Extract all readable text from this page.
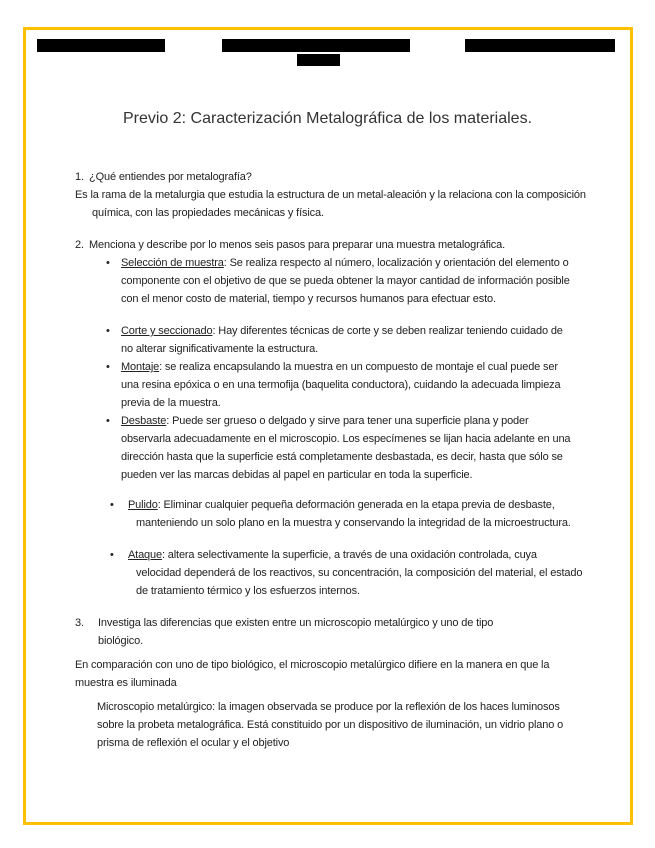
Previo 2: Caracterización Metalográfica de los materiales.
1. ¿Qué entiendes por metalografía?
Es la rama de la metalurgia que estudia la estructura de un metal-aleación y la relaciona con la composición química, con las propiedades mecánicas y física.
2. Menciona y describe por lo menos seis pasos para preparar una muestra metalográfica.
• Selección de muestra: Se realiza respecto al número, localización y orientación del elemento o componente con el objetivo de que se pueda obtener la mayor cantidad de información posible con el menor costo de material, tiempo y recursos humanos para efectuar esto.
• Corte y seccionado: Hay diferentes técnicas de corte y se deben realizar teniendo cuidado de no alterar significativamente la estructura.
• Montaje: se realiza encapsulando la muestra en un compuesto de montaje el cual puede ser una resina epóxica o en una termofija (baquelita conductora), cuidando la adecuada limpieza previa de la muestra.
• Desbaste: Puede ser grueso o delgado y sirve para tener una superficie plana y poder observarla adecuadamente en el microscopio. Los especímenes se lijan hacia adelante en una dirección hasta que la superficie está completamente desbastada, es decir, hasta que sólo se pueden ver las marcas debidas al papel en particular en toda la superficie.
• Pulido: Eliminar cualquier pequeña deformación generada en la etapa previa de desbaste, manteniendo un solo plano en la muestra y conservando la integridad de la microestructura.
• Ataque: altera selectivamente la superficie, a través de una oxidación controlada, cuya velocidad dependerá de los reactivos, su concentración, la composición del material, el estado de tratamiento térmico y los esfuerzos internos.
3. Investiga las diferencias que existen entre un microscopio metalúrgico y uno de tipo biológico.
En comparación con uno de tipo biológico, el microscopio metalúrgico difiere en la manera en que la muestra es iluminada
Microscopio metalúrgico: la imagen observada se produce por la reflexión de los haces luminosos sobre la probeta metalográfica. Está constituido por un dispositivo de iluminación, un vidrio plano o prisma de reflexión el ocular y el objetivo
